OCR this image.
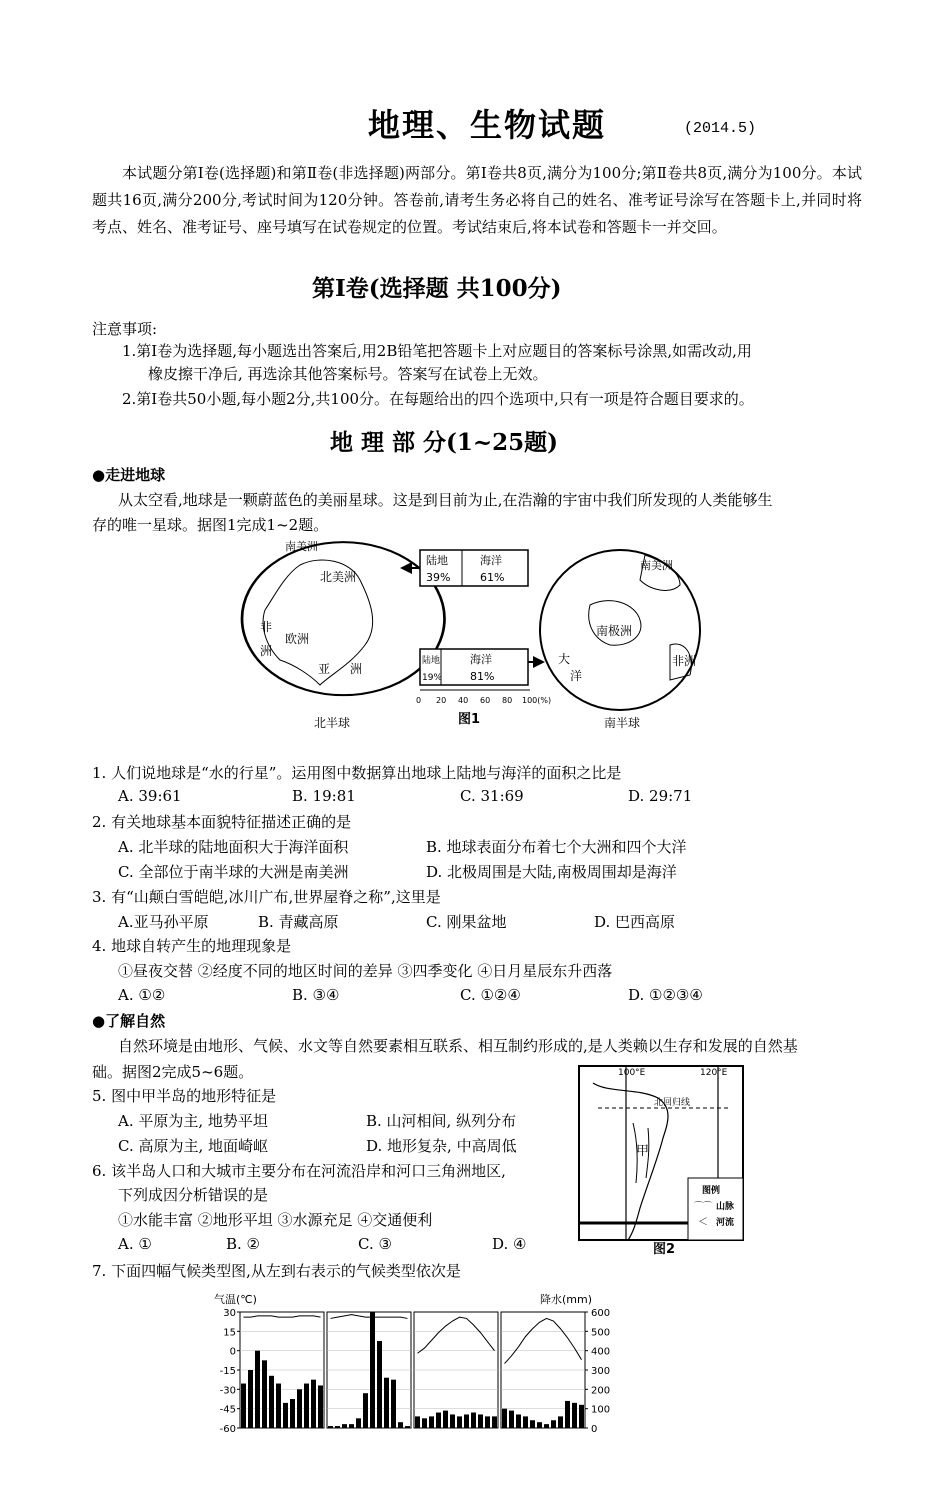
地理、生物试题	(2014.5)
本试题分第Ⅰ卷(选择题)和第Ⅱ卷(非选择题)两部分。第Ⅰ卷共8页,满分为100分;第Ⅱ卷共8页,满分为100分。本试题共16页,满分200分,考试时间为120分钟。答卷前,请考生务必将自己的姓名、准考证号涂写在答题卡上,并同时将考点、姓名、准考证号、座号填写在试卷规定的位置。考试结束后,将本试卷和答题卡一并交回。
第Ⅰ卷(选择题 共100分)
注意事项:
1.第Ⅰ卷为选择题,每小题选出答案后,用2B铅笔把答题卡上对应题目的答案标号涂黑,如需改动,用
橡皮擦干净后, 再选涂其他答案标号。答案写在试卷上无效。
2.第Ⅰ卷共50小题,每小题2分,共100分。在每题给出的四个选项中,只有一项是符合题目要求的。
地 理 部 分(1~25题)
●走进地球
从太空看,地球是一颗蔚蓝色的美丽星球。这是到目前为止,在浩瀚的宇宙中我们所发现的人类能够生
存的唯一星球。据图1完成1~2题。
南美洲
北美洲
非
洲
欧洲
亚 洲
南美洲
南极洲
非洲
大
洋
陆地
39%
海洋
61%
陆地
19%
海洋
81%
0 20 40 60 80 100(%)
图1
北半球	南半球
1. 人们说地球是“水的行星”。运用图中数据算出地球上陆地与海洋的面积之比是
A. 39:61	B. 19:81	C. 31:69	D. 29:71
2. 有关地球基本面貌特征描述正确的是
A. 北半球的陆地面积大于海洋面积	B. 地球表面分布着七个大洲和四个大洋
C. 全部位于南半球的大洲是南美洲	D. 北极周围是大陆,南极周围却是海洋
3. 有“山颠白雪皑皑,冰川广布,世界屋脊之称”,这里是
A.亚马孙平原	B. 青藏高原	C. 刚果盆地	D. 巴西高原
4. 地球自转产生的地理现象是
①昼夜交替 ②经度不同的地区时间的差异 ③四季变化 ④日月星辰东升西落
A. ①②	B. ③④	C. ①②④	D. ①②③④
●了解自然
自然环境是由地形、气候、水文等自然要素相互联系、相互制约形成的,是人类赖以生存和发展的自然基
础。据图2完成5~6题。
5. 图中甲半岛的地形特征是
A. 平原为主, 地势平坦	B. 山河相间, 纵列分布
C. 高原为主, 地面崎岖	D. 地形复杂, 中高周低
6. 该半岛人口和大城市主要分布在河流沿岸和河口三角洲地区,
下列成因分析错误的是
①水能丰富 ②地形平坦 ③水源充足 ④交通便利
A. ①	B. ②	C. ③	D. ④
7. 下面四幅气候类型图,从左到右表示的气候类型依次是
100°E	120°E
北回归线
甲
图例
山脉
河流
⌒⌒
＜
图2
气温(℃)	降水(mm)
30
15
0
-15
-30
-45
-60
600
500
400
300
200
100
0
